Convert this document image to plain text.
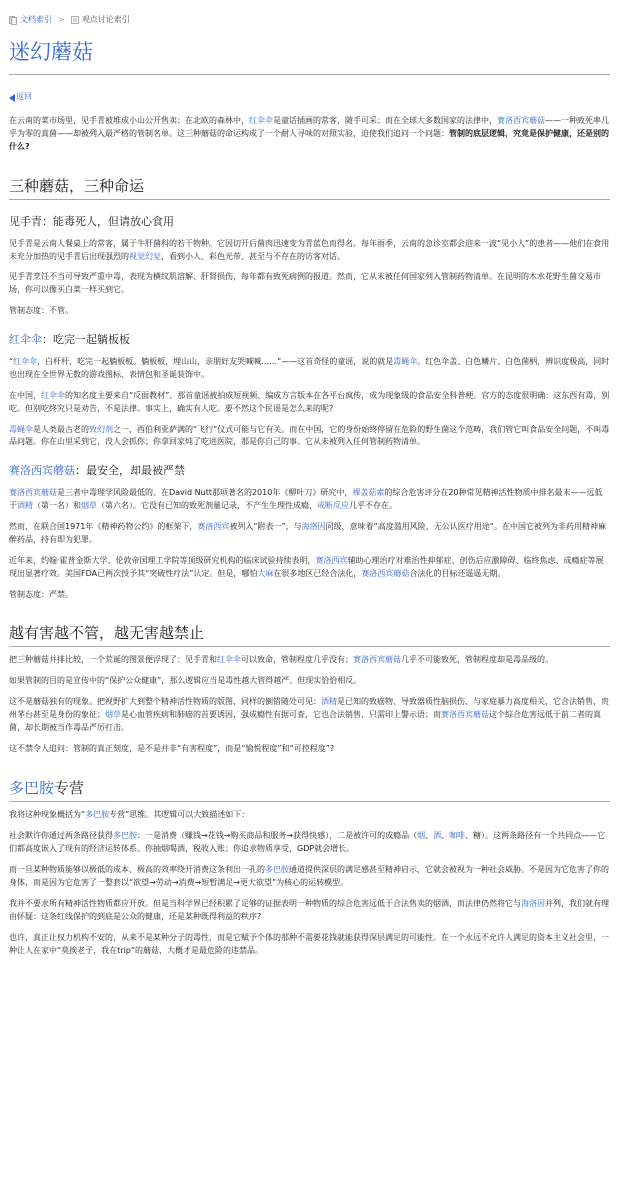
文档索引 > 观点讨论索引
迷幻蘑菇
返回

在云南的菜市场里，见手青被堆成小山公开售卖；在北欧的森林中，红伞伞是童话插画的常客，随手可采；而在全球大多数国家的法律中，赛洛西宾蘑菇——一种致死率几乎为零的真菌——却被列入最严格的管制名单。这三种蘑菇的命运构成了一个耐人寻味的对照实验，迫使我们追问一个问题：管制的底层逻辑，究竟是保护健康，还是别的什么?

三种蘑菇，三种命运
见手青：能毒死人，但请放心食用

见手青是云南人餐桌上的常客，属于牛肝菌科的若干物种。它因切开后菌肉迅速变为青蓝色而得名。每年雨季，云南的急诊室都会迎来一波“见小人”的患者——他们在食用未充分加热的见手青后出现强烈的视觉幻觉，看到小人、彩色光带、甚至与不存在的访客对话。

见手青烹饪不当可导致严重中毒，表现为横纹肌溶解、肝肾损伤，每年都有致死病例的报道。然而，它从未被任何国家列入管制药物清单。在昆明的木水花野生菌交易市场，你可以像买白菜一样买到它。

管制态度：不管。

红伞伞：吃完一起躺板板

“红伞伞，白杆杆，吃完一起躺板板。躺板板，埋山山，亲朋好友哭喊喊……”——这首奇怪的童谣，说的就是毒蝇伞。红色伞盖、白色鳞片、白色菌柄，辨识度极高，同时也出现在全世界无数的游戏图标、表情包和圣诞装饰中。

在中国，红伞伞的知名度主要来自“反面教材”。那首童谣被拍成短视频、编成方言版本在各平台疯传，成为现象级的食品安全科普梗。官方的态度很明确：这东西有毒，别吃。但别吃终究只是劝告，不是法律。事实上，确实有人吃。要不然这个民谣是怎么来的呢?

毒蝇伞是人类最古老的致幻剂之一，西伯利亚萨满的“飞行”仪式可能与它有关。而在中国，它的身份始终停留在危险的野生菌这个范畴，我们管它叫食品安全问题，不叫毒品问题。你在山里采到它，没人会抓你；你拿回家炖了吃进医院，那是你自己的事。它从未被列入任何管制药物清单。

赛洛西宾蘑菇：最安全，却最被严禁

赛洛西宾蘑菇是三者中毒理学风险最低的。在David Nutt那项著名的2010年《柳叶刀》研究中，裸盖菇素的综合危害评分在20种常见精神活性物质中排名最末——远低于酒精（第一名）和烟草（第六名）。它没有已知的致死剂量记录，不产生生理性成瘾，戒断反应几乎不存在。

然而，在联合国1971年《精神药物公约》的框架下，赛洛西宾被列入“附表一”，与海洛因同级，意味着“高度滥用风险，无公认医疗用途”。在中国它被列为非药用精神麻醉药品，持有即为犯罪。

近年来，约翰·霍普金斯大学、伦敦帝国理工学院等顶级研究机构的临床试验持续表明，赛洛西宾辅助心理治疗对难治性抑郁症、创伤后应激障碍、临终焦虑、成瘾症等展现出显著疗效。美国FDA已两次授予其“突破性疗法”认定。但是，哪怕大麻在很多地区已经合法化，赛洛西宾蘑菇合法化的目标还遥遥无期。

管制态度：严禁。

越有害越不管，越无害越禁止

把三种蘑菇并排比较，一个荒诞的图景便浮现了：见手青和红伞伞可以致命，管制程度几乎没有；赛洛西宾蘑菇几乎不可能致死，管制程度却是毒品级的。

如果管制的目的是宣传中的“保护公众健康”，那么逻辑应当是毒性越大管得越严。但现实恰恰相反。

这不是蘑菇独有的现象。把视野扩大到整个精神活性物质的版图，同样的倒错随处可见：酒精是已知的致癌物、导致器质性脑损伤、与家庭暴力高度相关，它合法销售，贵州茅台甚至是身份的象征；烟草是心血管疾病和肺癌的首要诱因，强成瘾性有据可查，它也合法销售，只需印上警示语；而赛洛西宾蘑菇这个综合危害远低于前二者的真菌，却长期被当作毒品严厉打击。

这不禁令人追问：管制的真正刻度，是不是并非“有害程度”，而是“愉悦程度”和“可控程度”?

多巴胺专营

我将这种现象概括为“多巴胺专营”思维。其逻辑可以大致描述如下：

社会默许你通过两条路径获得多巴胺：一是消费（赚钱→花钱→购买商品和服务→获得快感），二是被许可的成瘾品（烟、酒、咖啡、糖）。这两条路径有一个共同点——它们都高度嵌入了现有的经济运转体系。你抽烟喝酒，税收入账；你追求物质享受，GDP就会增长。

而一旦某种物质能够以极低的成本、极高的效率绕开消费这条利出一孔的多巴胺通道提供深层的满足感甚至精神启示，它就会被视为一种社会威胁。不是因为它危害了你的身体，而是因为它危害了一整套以“欲望→劳动→消费→短暂满足→更大欲望”为核心的运转模型。

我并不要求所有精神活性物质都应开放。但是当科学界已经积累了足够的证据表明一种物质的综合危害远低于合法售卖的烟酒，而法律仍然将它与海洛因并列，我们就有理由怀疑：这条红线保护的到底是公众的健康，还是某种既得利益的秩序?

也许，真正让权力机构不安的，从来不是某种分子的毒性，而是它赋予个体的那种不需要花钱就能获得深层满足的可能性。在一个永远不允许人满足的资本主义社会里，一种让人在家中“莫挨老子，我在trip”的蘑菇，大概才是最危险的违禁品。
